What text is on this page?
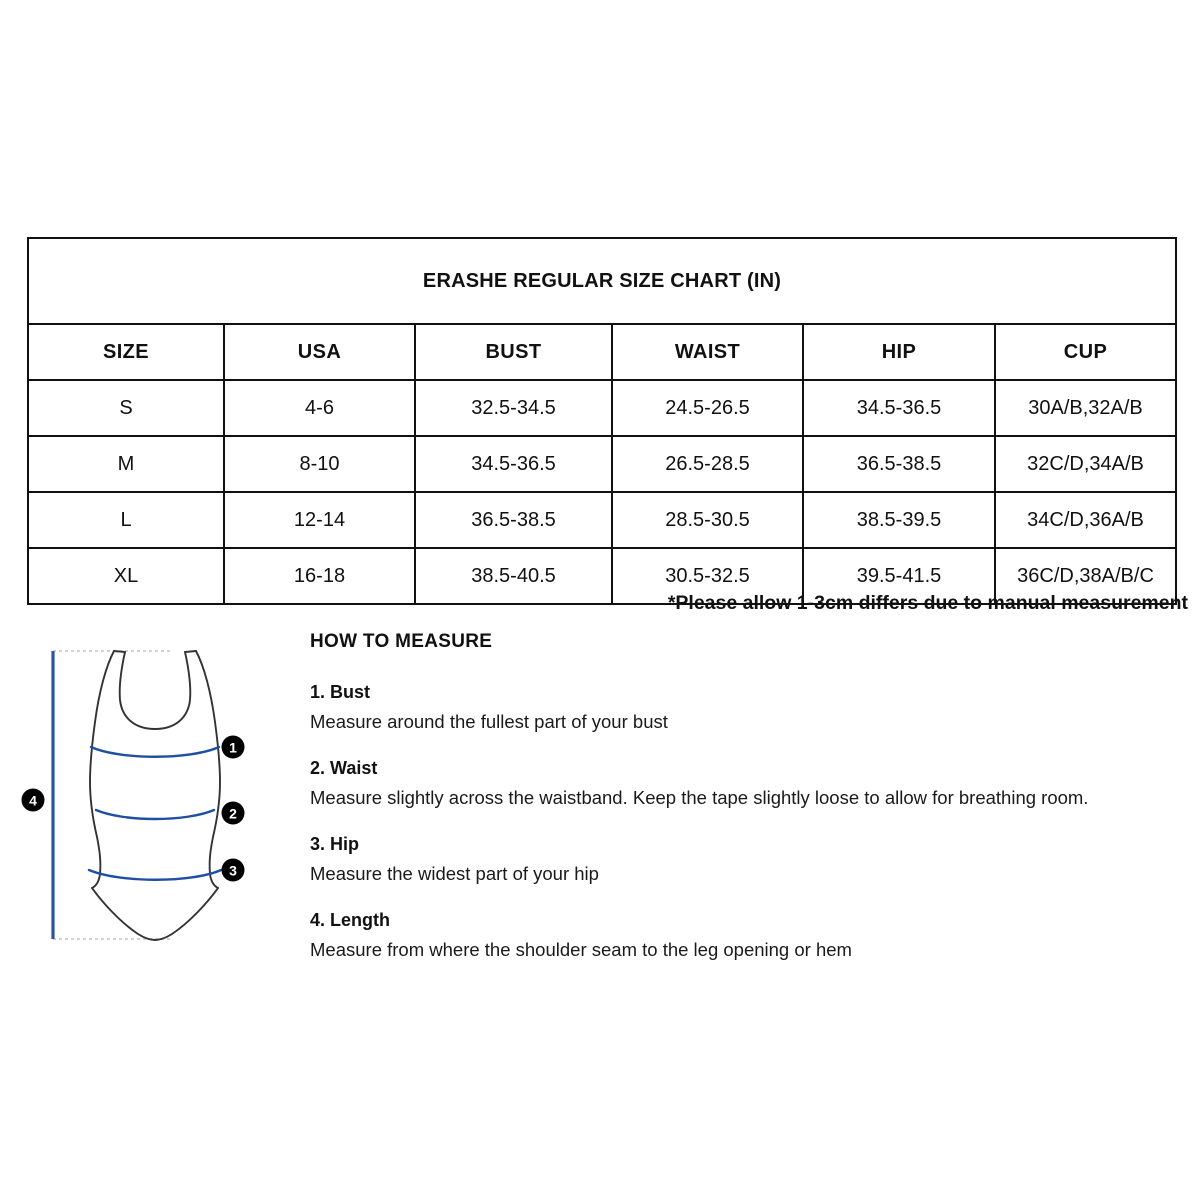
ERASHE REGULAR SIZE CHART (IN)					
SIZE	USA	BUST	WAIST	HIP	CUP
S	4-6	32.5-34.5	24.5-26.5	34.5-36.5	30A/B,32A/B
M	8-10	34.5-36.5	26.5-28.5	36.5-38.5	32C/D,34A/B
L	12-14	36.5-38.5	28.5-30.5	38.5-39.5	34C/D,36A/B
XL	16-18	38.5-40.5	30.5-32.5	39.5-41.5	36C/D,38A/B/C
*Please allow 1-3cm differs due to manual measurement
HOW TO MEASURE
1. Bust
Measure around the fullest part of your bust
2. Waist
Measure slightly across the waistband. Keep the tape slightly loose to allow for breathing room.
3. Hip
Measure the widest part of your hip
4. Length
Measure from where the shoulder seam to the leg opening or hem
1
2
3
4
